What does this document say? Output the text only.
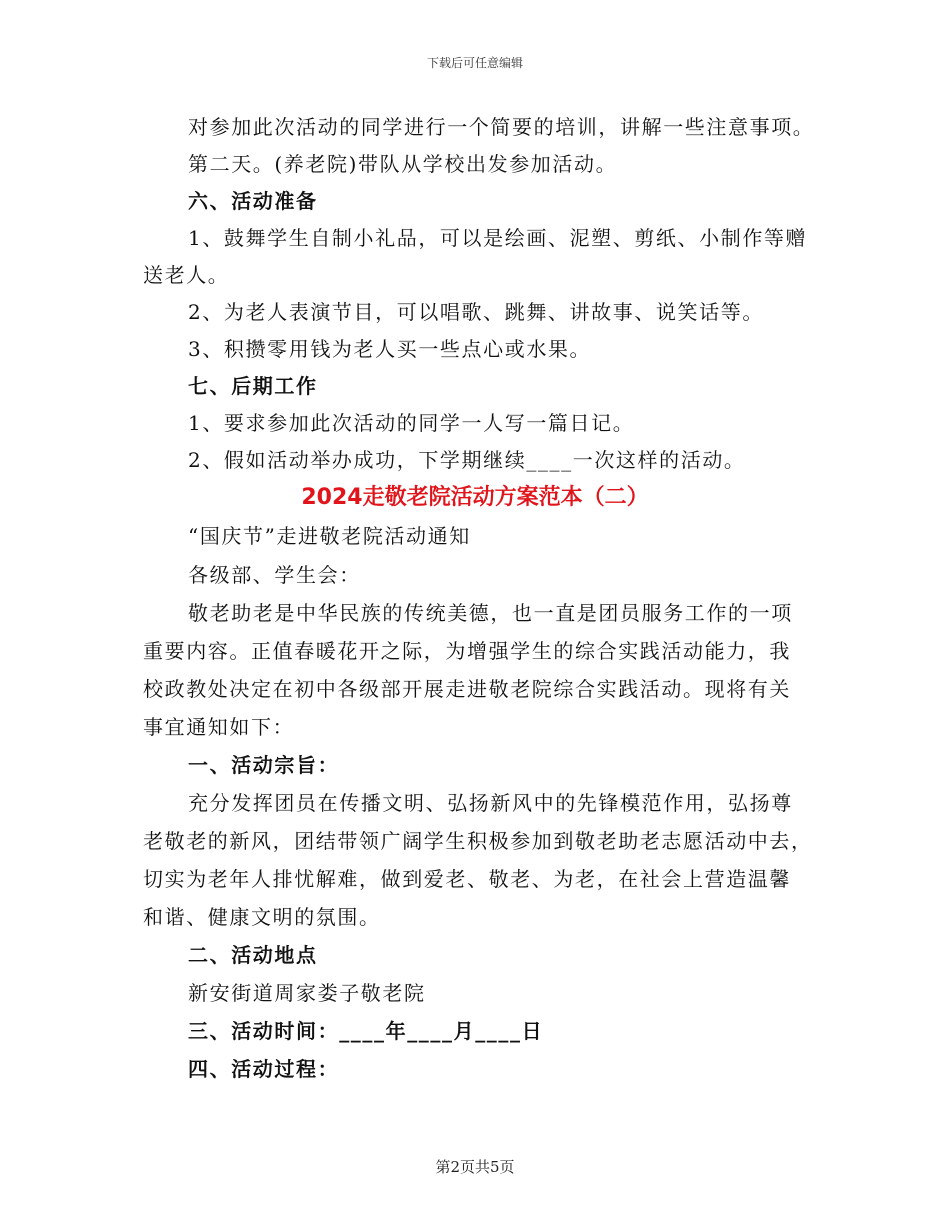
下载后可任意编辑
对参加此次活动的同学进行一个简要的培训，讲解一些注意事项。
第二天。(养老院)带队从学校出发参加活动。
六、活动准备
1、鼓舞学生自制小礼品，可以是绘画、泥塑、剪纸、小制作等赠
送老人。
2、为老人表演节目，可以唱歌、跳舞、讲故事、说笑话等。
3、积攒零用钱为老人买一些点心或水果。
七、后期工作
1、要求参加此次活动的同学一人写一篇日记。
2、假如活动举办成功，下学期继续____一次这样的活动。
2024走敬老院活动方案范本（二）
“国庆节”走进敬老院活动通知
各级部、学生会：
敬老助老是中华民族的传统美德，也一直是团员服务工作的一项
重要内容。正值春暖花开之际，为增强学生的综合实践活动能力，我
校政教处决定在初中各级部开展走进敬老院综合实践活动。现将有关
事宜通知如下：
一、活动宗旨：
充分发挥团员在传播文明、弘扬新风中的先锋模范作用，弘扬尊
老敬老的新风，团结带领广阔学生积极参加到敬老助老志愿活动中去，
切实为老年人排忧解难，做到爱老、敬老、为老，在社会上营造温馨
和谐、健康文明的氛围。
二、活动地点
新安街道周家娄子敬老院
三、活动时间：____年____月____日
四、活动过程：
第2页共5页
